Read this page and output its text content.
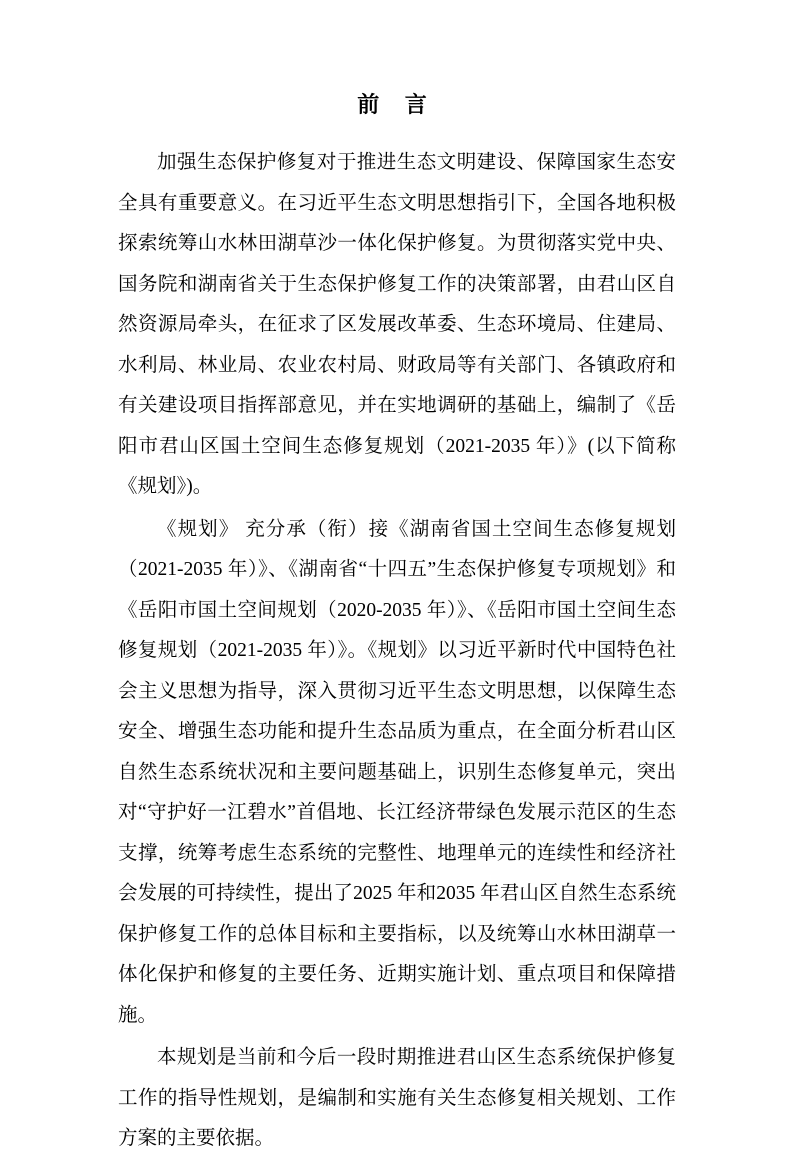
前 言

加强生态保护修复对于推进生态文明建设、保障国家生态安全具有重要意义。在习近平生态文明思想指引下，全国各地积极探索统筹山水林田湖草沙一体化保护修复。为贯彻落实党中央、国务院和湖南省关于生态保护修复工作的决策部署，由君山区自然资源局牵头，在征求了区发展改革委、生态环境局、住建局、水利局、林业局、农业农村局、财政局等有关部门、各镇政府和有关建设项目指挥部意见，并在实地调研的基础上，编制了《岳阳市君山区国土空间生态修复规划（2021-2035 年）》(以下简称《规划》)。

《规划》 充分承（衔）接《湖南省国土空间生态修复规划（2021-2035 年）》、《湖南省“十四五”生态保护修复专项规划》和《岳阳市国土空间规划（2020-2035 年）》、《岳阳市国土空间生态修复规划（2021-2035 年）》。《规划》以习近平新时代中国特色社会主义思想为指导，深入贯彻习近平生态文明思想，以保障生态安全、增强生态功能和提升生态品质为重点，在全面分析君山区自然生态系统状况和主要问题基础上，识别生态修复单元，突出对“守护好一江碧水”首倡地、长江经济带绿色发展示范区的生态支撑，统筹考虑生态系统的完整性、地理单元的连续性和经济社会发展的可持续性，提出了2025 年和2035 年君山区自然生态系统保护修复工作的总体目标和主要指标，以及统筹山水林田湖草一体化保护和修复的主要任务、近期实施计划、重点项目和保障措施。

本规划是当前和今后一段时期推进君山区生态系统保护修复工作的指导性规划，是编制和实施有关生态修复相关规划、工作方案的主要依据。
